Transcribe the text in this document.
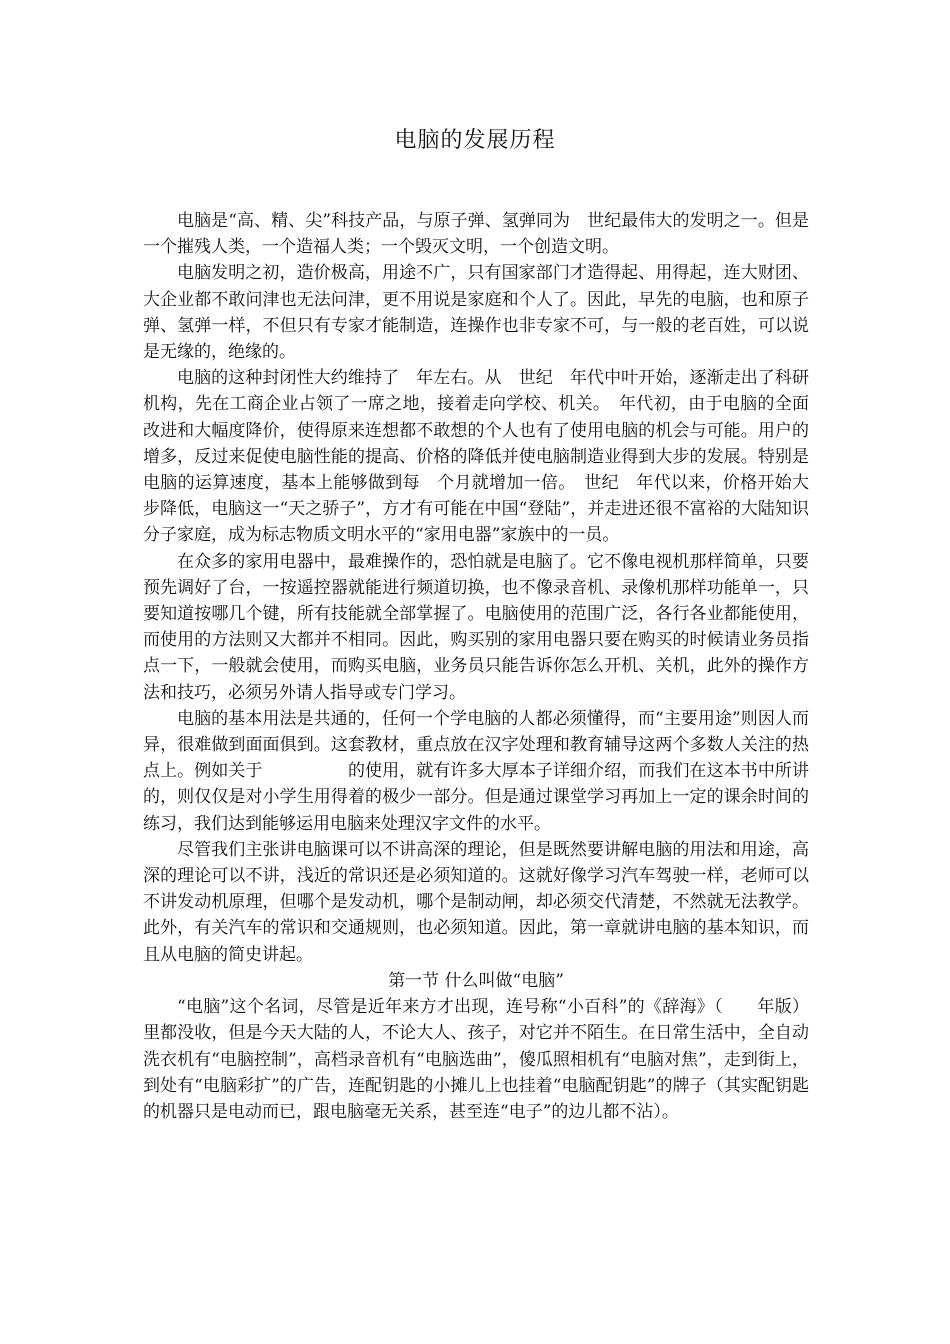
电脑的发展历程

电脑是“高、精、尖”科技产品，与原子弹、氢弹同为　世纪最伟大的发明之一。但是一个摧残人类，一个造福人类；一个毁灭文明，一个创造文明。

电脑发明之初，造价极高，用途不广，只有国家部门才造得起、用得起，连大财团、大企业都不敢问津也无法问津，更不用说是家庭和个人了。因此，早先的电脑，也和原子弹、氢弹一样，不但只有专家才能制造，连操作也非专家不可，与一般的老百姓，可以说是无缘的，绝缘的。

电脑的这种封闭性大约维持了　年左右。从　世纪　年代中叶开始，逐渐走出了科研机构，先在工商企业占领了一席之地，接着走向学校、机关。　年代初，由于电脑的全面改进和大幅度降价，使得原来连想都不敢想的个人也有了使用电脑的机会与可能。用户的增多，反过来促使电脑性能的提高、价格的降低并使电脑制造业得到大步的发展。特别是电脑的运算速度，基本上能够做到每　个月就增加一倍。　世纪　年代以来，价格开始大步降低，电脑这一“天之骄子”，方才有可能在中国“登陆”，并走进还很不富裕的大陆知识分子家庭，成为标志物质文明水平的“家用电器”家族中的一员。

在众多的家用电器中，最难操作的，恐怕就是电脑了。它不像电视机那样简单，只要预先调好了台，一按遥控器就能进行频道切换，也不像录音机、录像机那样功能单一，只要知道按哪几个键，所有技能就全部掌握了。电脑使用的范围广泛，各行各业都能使用，而使用的方法则又大都并不相同。因此，购买别的家用电器只要在购买的时候请业务员指点一下，一般就会使用，而购买电脑，业务员只能告诉你怎么开机、关机，此外的操作方法和技巧，必须另外请人指导或专门学习。

电脑的基本用法是共通的，任何一个学电脑的人都必须懂得，而“主要用途”则因人而异，很难做到面面俱到。这套教材，重点放在汉字处理和教育辅导这两个多数人关注的热点上。例如关于　　　　　的使用，就有许多大厚本子详细介绍，而我们在这本书中所讲的，则仅仅是对小学生用得着的极少一部分。但是通过课堂学习再加上一定的课余时间的练习，我们达到能够运用电脑来处理汉字文件的水平。

尽管我们主张讲电脑课可以不讲高深的理论，但是既然要讲解电脑的用法和用途，高深的理论可以不讲，浅近的常识还是必须知道的。这就好像学习汽车驾驶一样，老师可以不讲发动机原理，但哪个是发动机，哪个是制动闸，却必须交代清楚，不然就无法教学。此外，有关汽车的常识和交通规则，也必须知道。因此，第一章就讲电脑的基本知识，而且从电脑的简史讲起。

第一节 什么叫做“电脑”

“电脑”这个名词，尽管是近年来方才出现，连号称“小百科”的《辞海》（　　年版）里都没收，但是今天大陆的人，不论大人、孩子，对它并不陌生。在日常生活中，全自动洗衣机有“电脑控制”，高档录音机有“电脑选曲”，傻瓜照相机有“电脑对焦”，走到街上，到处有“电脑彩扩”的广告，连配钥匙的小摊儿上也挂着“电脑配钥匙”的牌子（其实配钥匙的机器只是电动而已，跟电脑毫无关系，甚至连“电子”的边儿都不沾）。
